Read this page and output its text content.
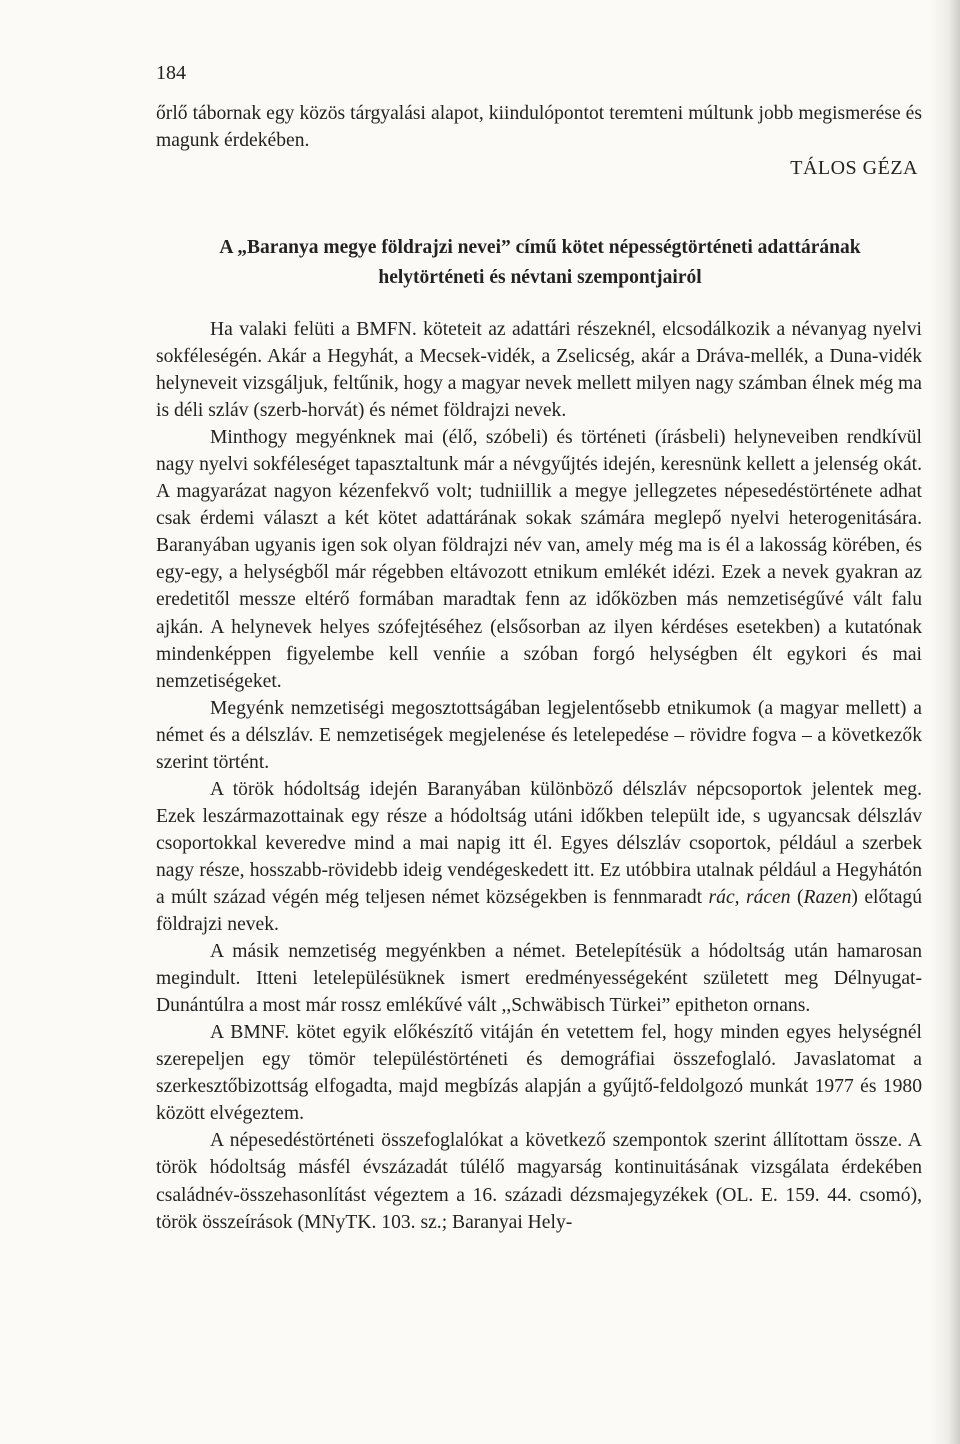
184

őrlő tábornak egy közös tárgyalási alapot, kiindulópontot teremteni múltunk jobb megismerése és magunk érdekében.

TÁLOS GÉZA
A „Baranya megye földrajzi nevei” című kötet népességtörténeti adattárának
helytörténeti és névtani szempontjairól

Ha valaki felüti a BMFN. köteteit az adattári részeknél, elcsodálkozik a névanyag nyelvi sokféleségén. Akár a Hegyhát, a Mecsek-vidék, a Zselicség, akár a Dráva-mellék, a Duna-vidék helyneveit vizsgáljuk, feltűnik, hogy a magyar nevek mellett milyen nagy számban élnek még ma is déli szláv (szerb-horvát) és német földrajzi nevek.

Minthogy megyénknek mai (élő, szóbeli) és történeti (írásbeli) helyneveiben rendkívül nagy nyelvi sokféleséget tapasztaltunk már a névgyűjtés idején, keresnünk kellett a jelenség okát. A magyarázat nagyon kézenfekvő volt; tudniillik a megye jellegzetes népesedéstörténete adhat csak érdemi választ a két kötet adattárának sokak számára meglepő nyelvi heterogenitására. Baranyában ugyanis igen sok olyan földrajzi név van, amely még ma is él a lakosság körében, és egy-egy, a helységből már régebben eltávozott etnikum emlékét idézi. Ezek a nevek gyakran az eredetitől messze eltérő formában maradtak fenn az időközben más nemzetiségűvé vált falu ajkán. A helynevek helyes szófejtéséhez (elsősorban az ilyen kérdéses esetekben) a kutatónak mindenképpen figyelembe kell venńie a szóban forgó helységben élt egykori és mai nemzetiségeket.

Megyénk nemzetiségi megosztottságában legjelentősebb etnikumok (a magyar mellett) a német és a délszláv. E nemzetiségek megjelenése és letelepedése – rövidre fogva – a következők szerint történt.

A török hódoltság idején Baranyában különböző délszláv népcsoportok jelentek meg. Ezek leszármazottainak egy része a hódoltság utáni időkben települt ide, s ugyancsak délszláv csoportokkal keveredve mind a mai napig itt él. Egyes délszláv csoportok, például a szerbek nagy része, hosszabb-rövidebb ideig vendégeskedett itt. Ez utóbbira utalnak például a Hegyhátón a múlt század végén még teljesen német községekben is fennmaradt rác, rácen (Razen) előtagú földrajzi nevek.

A másik nemzetiség megyénkben a német. Betelepítésük a hódoltság után hamarosan megindult. Itteni letelepülésüknek ismert eredményességeként született meg Délnyugat-Dunántúlra a most már rossz emlékűvé vált ,,Schwäbisch Türkei” epitheton ornans.

A BMNF. kötet egyik előkészítő vitáján én vetettem fel, hogy minden egyes helységnél szerepeljen egy tömör településtörténeti és demográfiai összefoglaló. Javaslatomat a szerkesztőbizottság elfogadta, majd megbízás alapján a gyűjtő-feldolgozó munkát 1977 és 1980 között elvégeztem.

A népesedéstörténeti összefoglalókat a következő szempontok szerint állítottam össze. A török hódoltság másfél évszázadát túlélő magyarság kontinuitásának vizsgálata érdekében családnév-összehasonlítást végeztem a 16. századi dézsmajegyzékek (OL. E. 159. 44. csomó), török összeírások (MNyTK. 103. sz.; Baranyai Hely-
